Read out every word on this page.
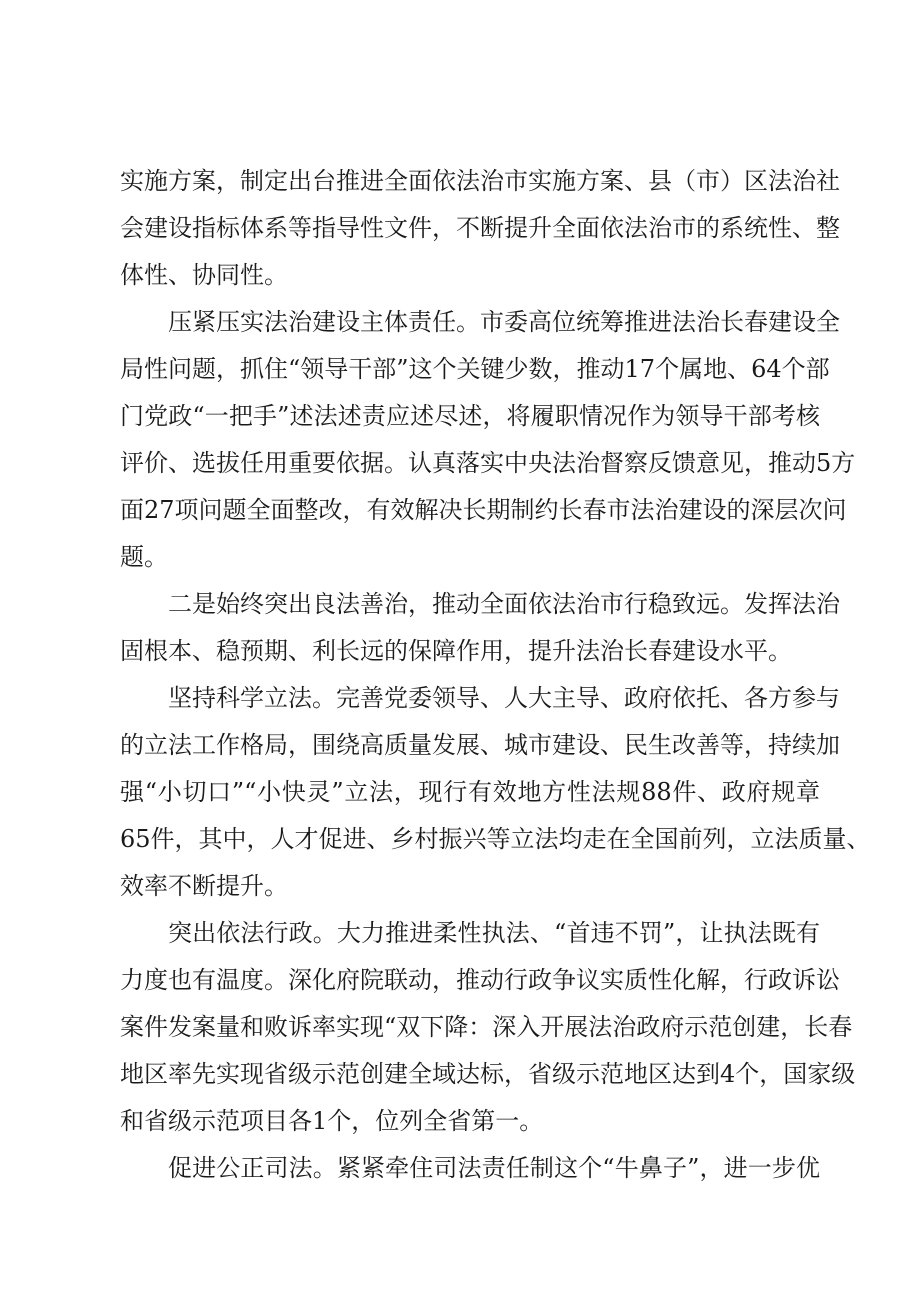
实施方案，制定出台推进全面依法治市实施方案、县（市）区法治社
会建设指标体系等指导性文件，不断提升全面依法治市的系统性、整
体性、协同性。
压紧压实法治建设主体责任。市委高位统筹推进法治长春建设全
局性问题，抓住“领导干部”这个关键少数，推动17个属地、64个部
门党政“一把手”述法述责应述尽述，将履职情况作为领导干部考核
评价、选拔任用重要依据。认真落实中央法治督察反馈意见，推动5方
面27项问题全面整改，有效解决长期制约长春市法治建设的深层次问
题。
二是始终突出良法善治，推动全面依法治市行稳致远。发挥法治
固根本、稳预期、利长远的保障作用，提升法治长春建设水平。
坚持科学立法。完善党委领导、人大主导、政府依托、各方参与
的立法工作格局，围绕高质量发展、城市建设、民生改善等，持续加
强“小切口”“小快灵”立法，现行有效地方性法规88件、政府规章
65件，其中，人才促进、乡村振兴等立法均走在全国前列，立法质量、
效率不断提升。
突出依法行政。大力推进柔性执法、“首违不罚”，让执法既有
力度也有温度。深化府院联动，推动行政争议实质性化解，行政诉讼
案件发案量和败诉率实现“双下降：深入开展法治政府示范创建，长春
地区率先实现省级示范创建全域达标，省级示范地区达到4个，国家级
和省级示范项目各1个，位列全省第一。
促进公正司法。紧紧牵住司法责任制这个“牛鼻子”，进一步优
